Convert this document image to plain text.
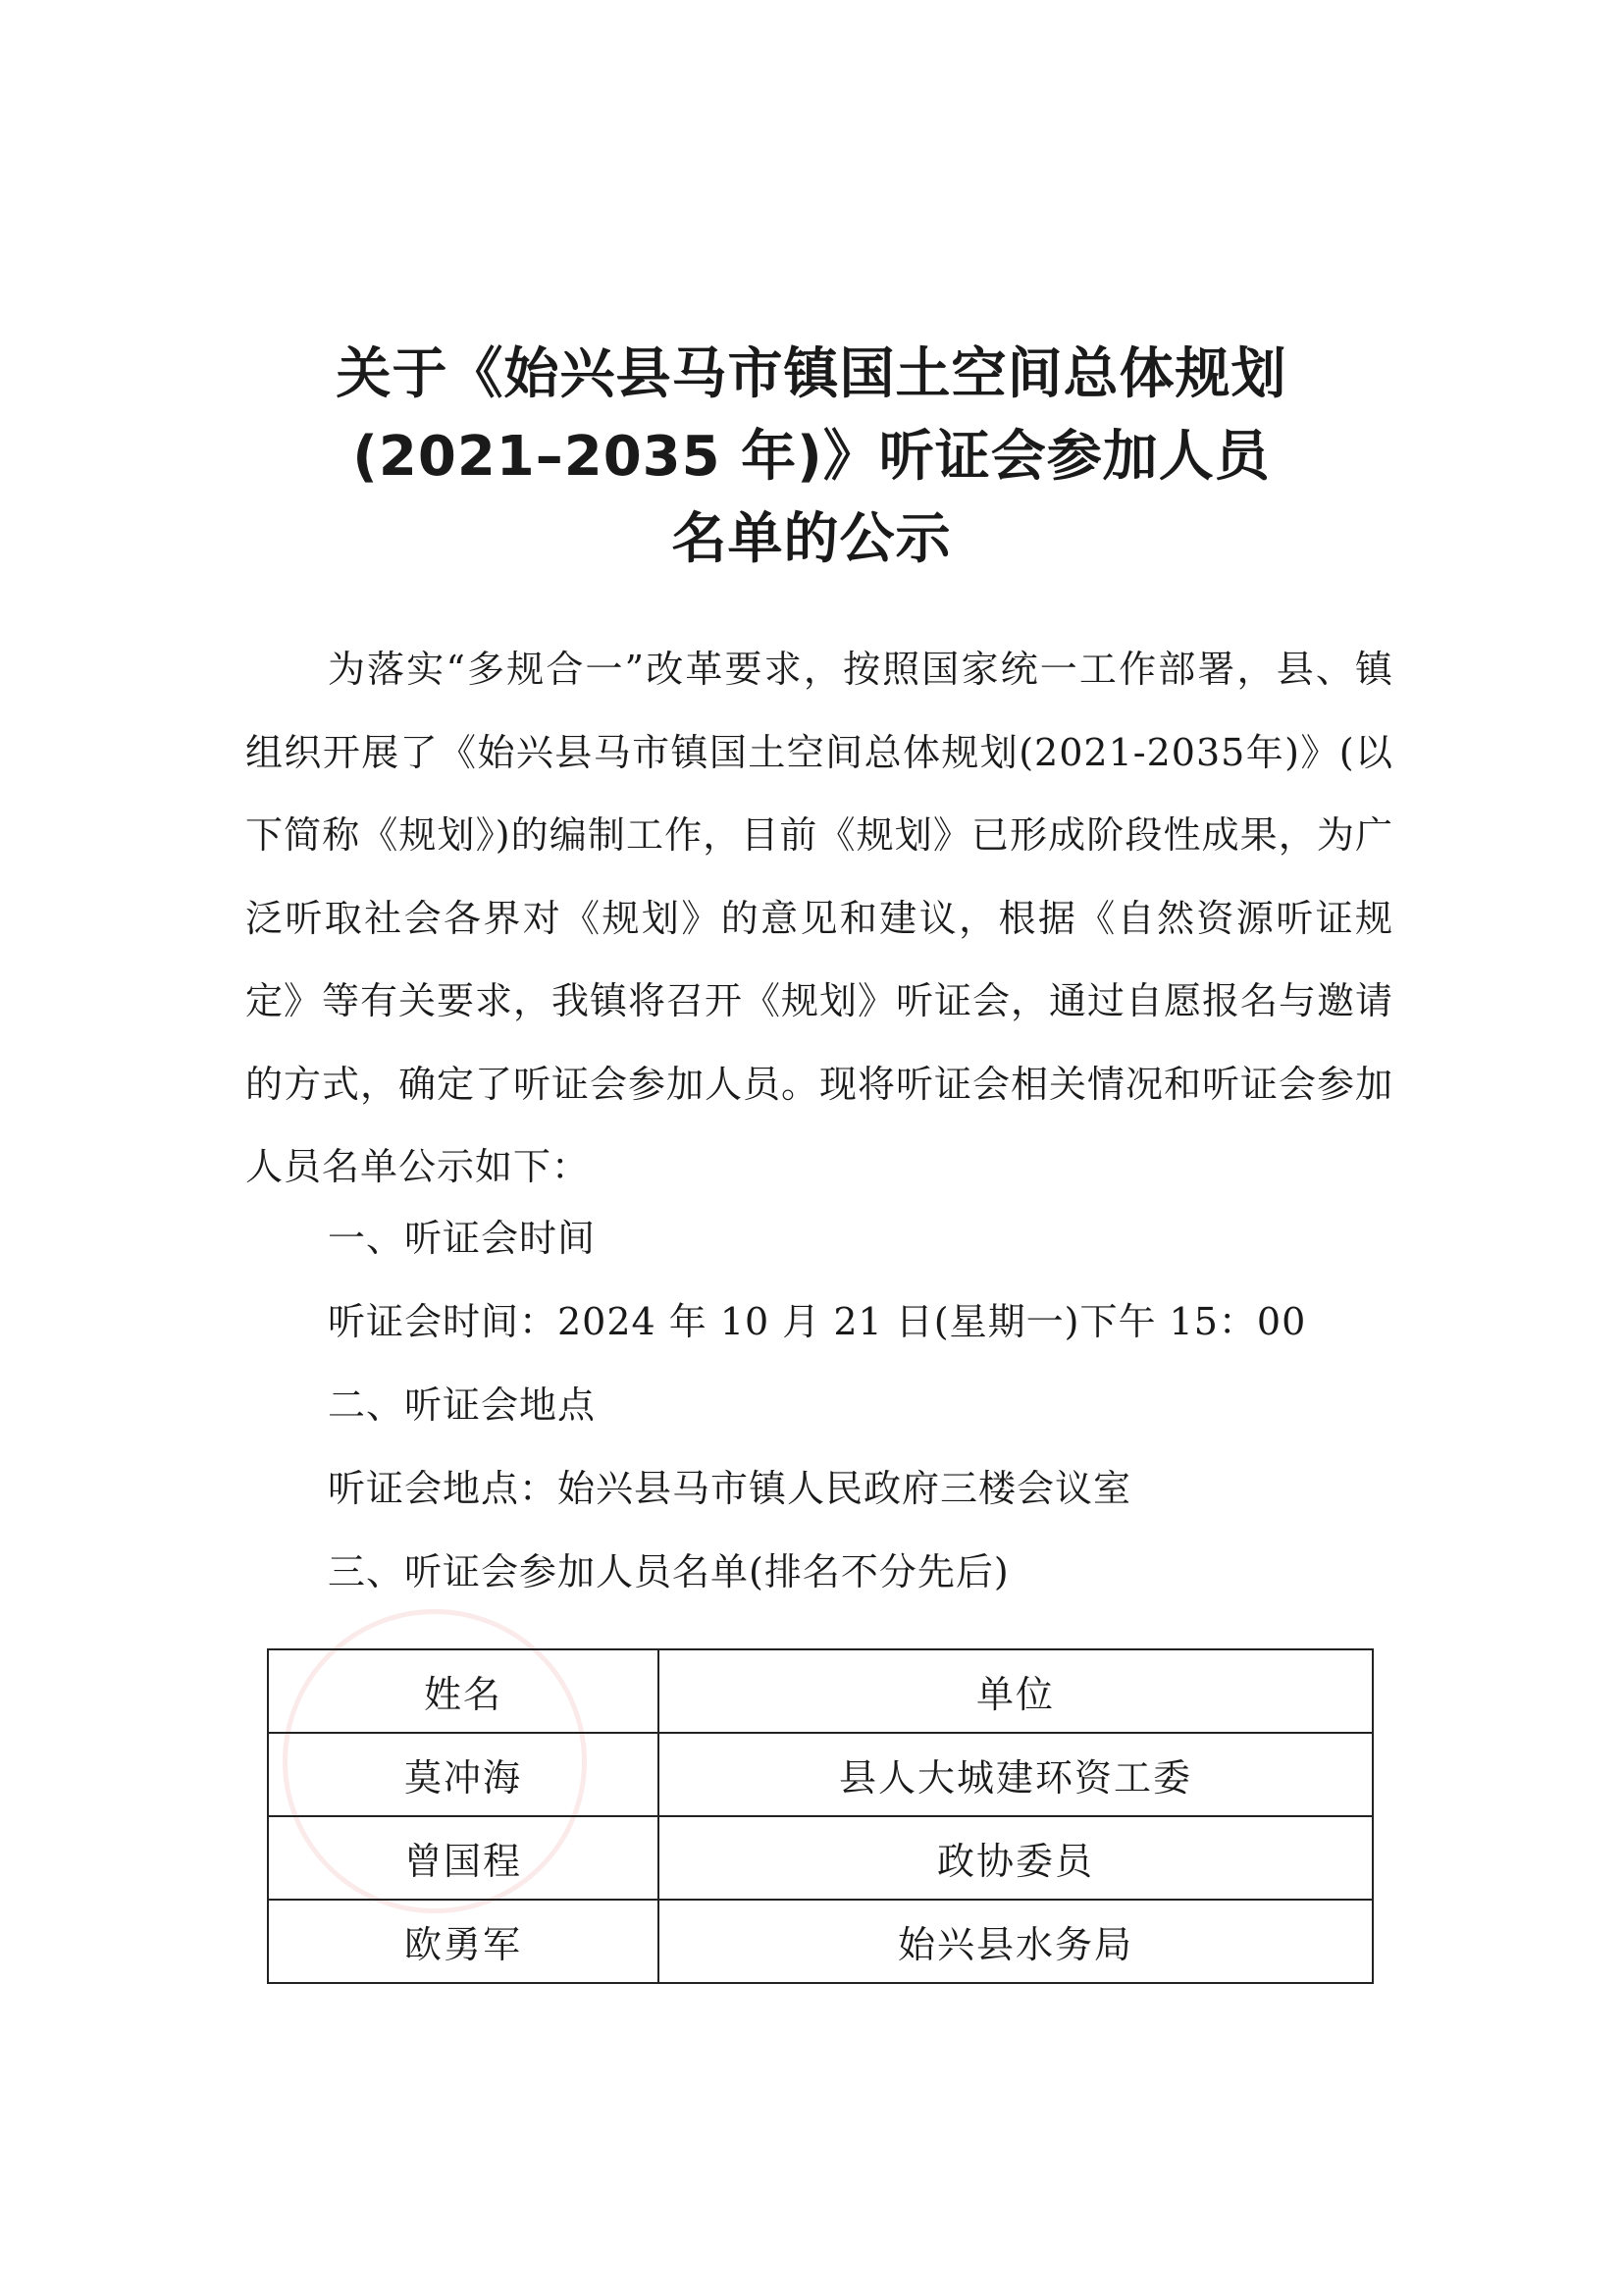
关于《始兴县马市镇国土空间总体规划
(2021–2035 年)》听证会参加人员
名单的公示

为落实“多规合一”改革要求，按照国家统一工作部署，县、镇组织开展了《始兴县马市镇国土空间总体规划(2021-2035年)》(以下简称《规划》)的编制工作，目前《规划》已形成阶段性成果，为广泛听取社会各界对《规划》的意见和建议，根据《自然资源听证规定》等有关要求，我镇将召开《规划》听证会，通过自愿报名与邀请的方式，确定了听证会参加人员。现将听证会相关情况和听证会参加人员名单公示如下：

一、听证会时间
听证会时间：2024 年 10 月 21 日(星期一)下午 15：00
二、听证会地点
听证会地点：始兴县马市镇人民政府三楼会议室
三、听证会参加人员名单(排名不分先后)
姓名	单位
莫冲海	县人大城建环资工委
曾国程	政协委员
欧勇军	始兴县水务局
